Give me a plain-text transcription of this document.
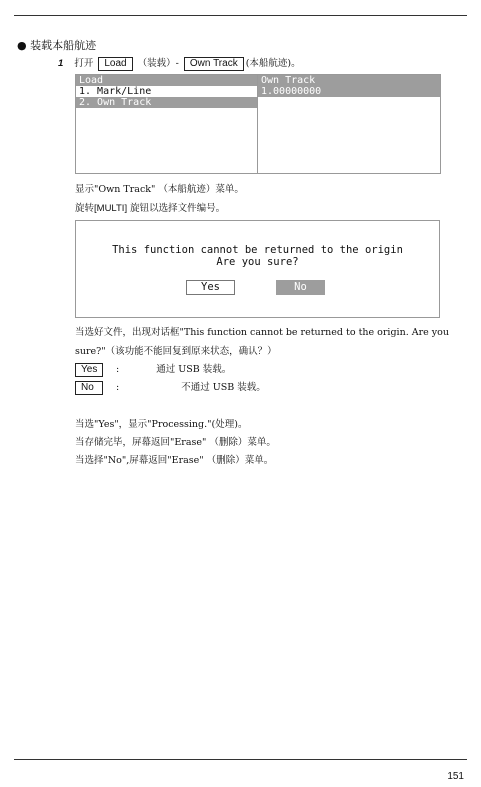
● 装载本船航迹
1 打开 Load （装载）- Own Track (本船航迹)。
Load
1. Mark/Line
2. Own Track
Own Track
1.00000000
显示"Own Track" （本船航迹）菜单。
旋转[MULTI] 旋钮以选择文件编号。
This function cannot be returned to the origin
Are you sure?
Yes	No
当选好文件，出现对话框"This function cannot be returned to the origin. Are you
sure?"（该功能不能回复到原来状态，确认？）
Yes :	通过 USB 装载。
No :	不通过 USB 装载。
当选"Yes"，显示"Processing."(处理)。
当存储完毕，屏幕返回"Erase" （删除）菜单。
当选择"No",屏幕返回"Erase" （删除）菜单。
151
